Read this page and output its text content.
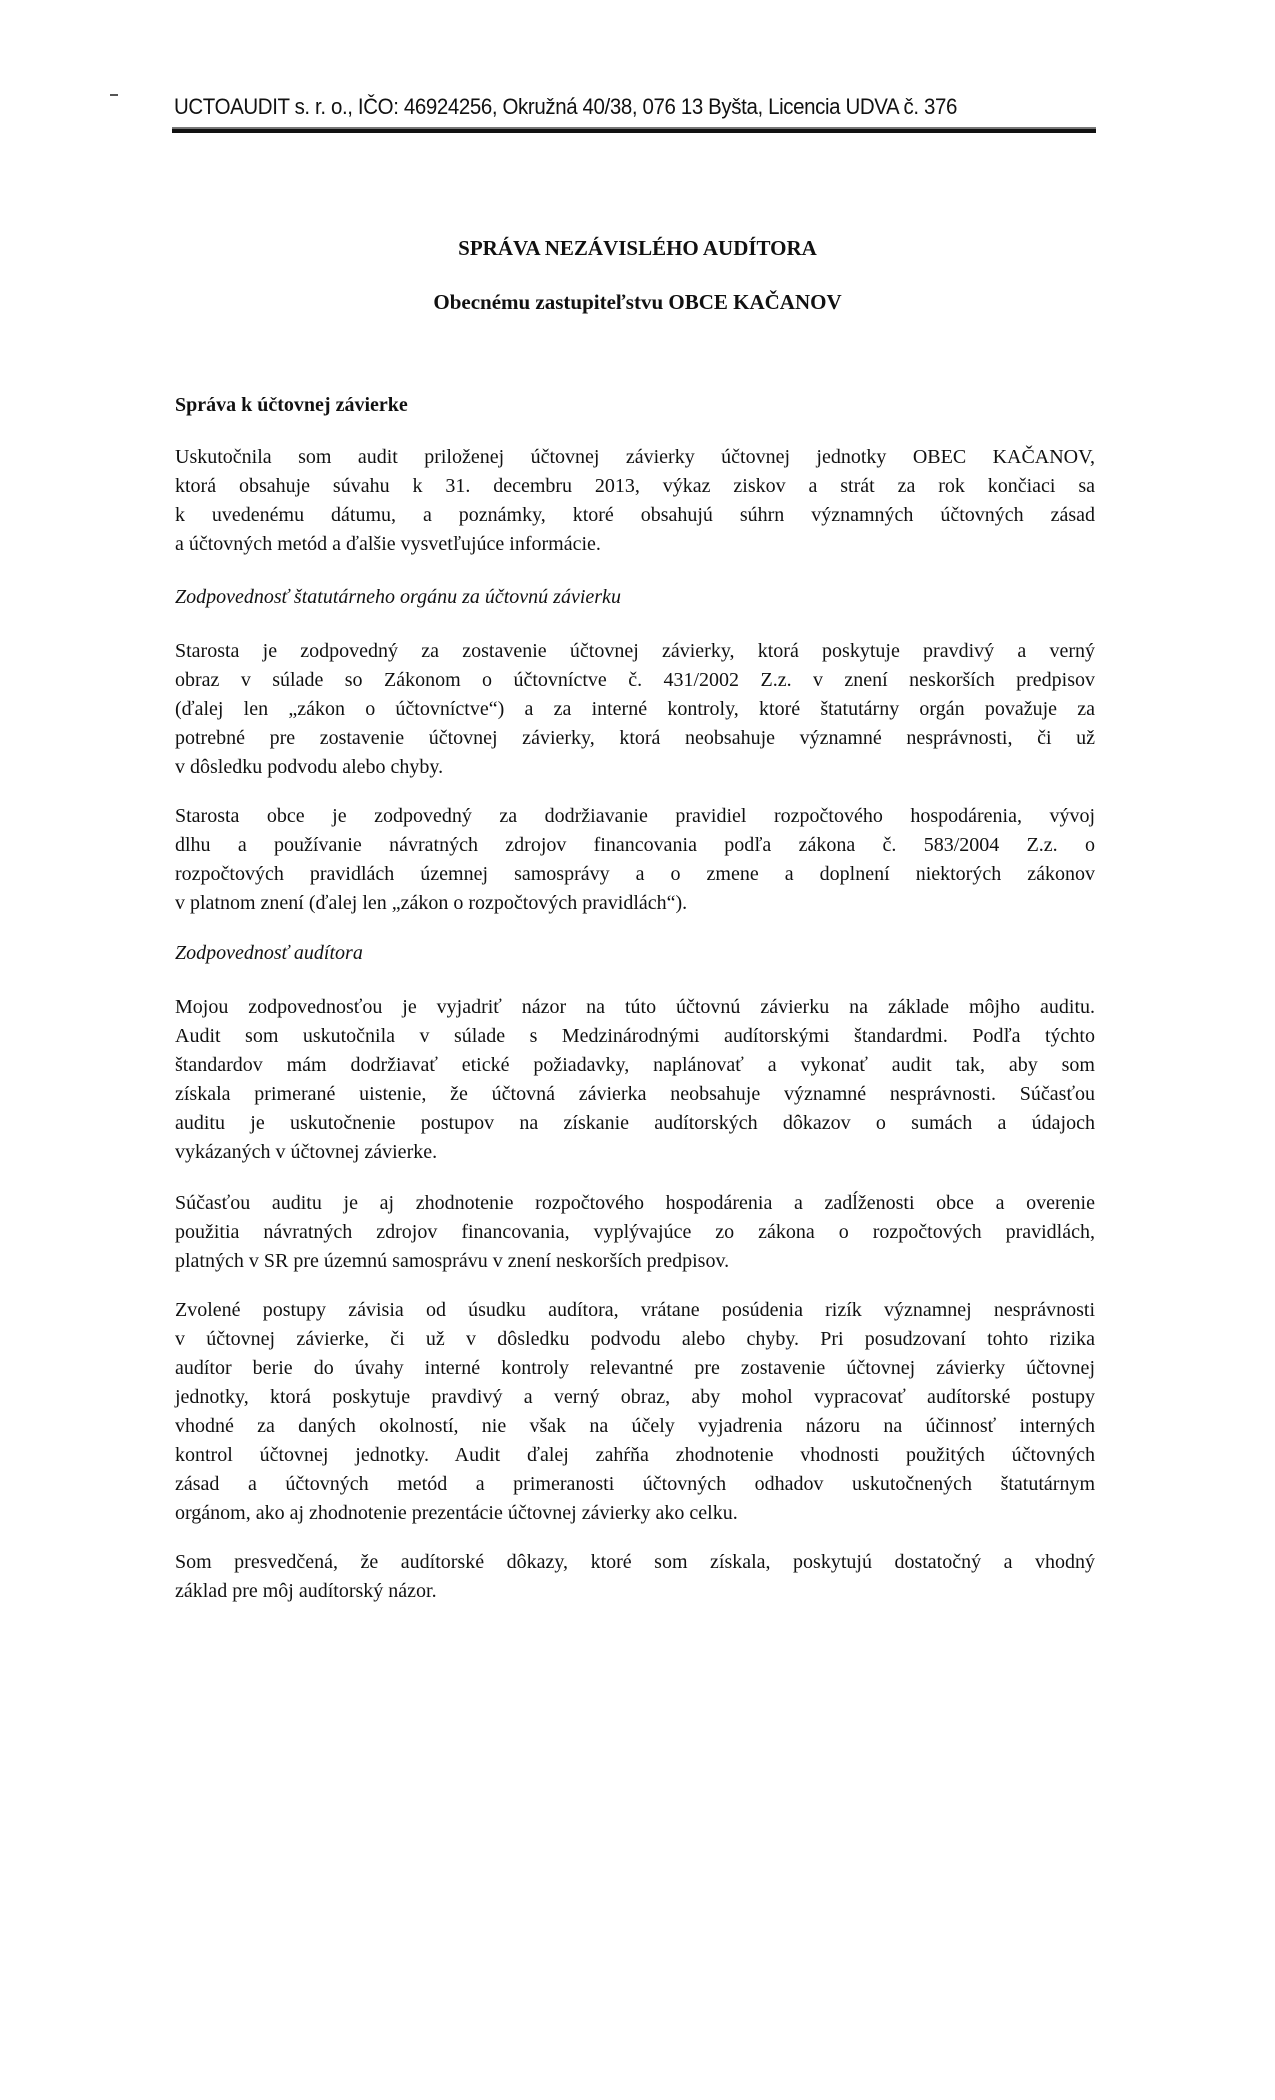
UCTOAUDIT s. r. o., IČO: 46924256, Okružná 40/38, 076 13 Byšta, Licencia UDVA č. 376
SPRÁVA NEZÁVISLÉHO AUDÍTORA
Obecnému zastupiteľstvu OBCE KAČANOV
Správa k účtovnej závierke
Uskutočnila som audit priloženej účtovnej závierky účtovnej jednotky OBEC KAČANOV,
ktorá obsahuje súvahu k 31. decembru 2013, výkaz ziskov a strát za rok končiaci sa
k uvedenému dátumu, a poznámky, ktoré obsahujú súhrn významných účtovných zásad
a účtovných metód a ďalšie vysvetľujúce informácie.
Zodpovednosť štatutárneho orgánu za účtovnú závierku
Starosta je zodpovedný za zostavenie účtovnej závierky, ktorá poskytuje pravdivý a verný
obraz v súlade so Zákonom o účtovníctve č. 431/2002 Z.z. v znení neskorších predpisov
(ďalej len „zákon o účtovníctve“) a za interné kontroly, ktoré štatutárny orgán považuje za
potrebné pre zostavenie účtovnej závierky, ktorá neobsahuje významné nesprávnosti, či už
v dôsledku podvodu alebo chyby.
Starosta obce je zodpovedný za dodržiavanie pravidiel rozpočtového hospodárenia, vývoj
dlhu a používanie návratných zdrojov financovania podľa zákona č. 583/2004 Z.z. o
rozpočtových pravidlách územnej samosprávy a o zmene a doplnení niektorých zákonov
v platnom znení (ďalej len „zákon o rozpočtových pravidlách“).
Zodpovednosť audítora
Mojou zodpovednosťou je vyjadriť názor na túto účtovnú závierku na základe môjho auditu.
Audit som uskutočnila v súlade s Medzinárodnými audítorskými štandardmi. Podľa týchto
štandardov mám dodržiavať etické požiadavky, naplánovať a vykonať audit tak, aby som
získala primerané uistenie, že účtovná závierka neobsahuje významné nesprávnosti. Súčasťou
auditu je uskutočnenie postupov na získanie audítorských dôkazov o sumách a údajoch
vykázaných v účtovnej závierke.
Súčasťou auditu je aj zhodnotenie rozpočtového hospodárenia a zadĺženosti obce a overenie
použitia návratných zdrojov financovania, vyplývajúce zo zákona o rozpočtových pravidlách,
platných v SR pre územnú samosprávu v znení neskorších predpisov.
Zvolené postupy závisia od úsudku audítora, vrátane posúdenia rizík významnej nesprávnosti
v účtovnej závierke, či už v dôsledku podvodu alebo chyby. Pri posudzovaní tohto rizika
audítor berie do úvahy interné kontroly relevantné pre zostavenie účtovnej závierky účtovnej
jednotky, ktorá poskytuje pravdivý a verný obraz, aby mohol vypracovať audítorské postupy
vhodné za daných okolností, nie však na účely vyjadrenia názoru na účinnosť interných
kontrol účtovnej jednotky. Audit ďalej zahŕňa zhodnotenie vhodnosti použitých účtovných
zásad a účtovných metód a primeranosti účtovných odhadov uskutočnených štatutárnym
orgánom, ako aj zhodnotenie prezentácie účtovnej závierky ako celku.
Som presvedčená, že audítorské dôkazy, ktoré som získala, poskytujú dostatočný a vhodný
základ pre môj audítorský názor.
